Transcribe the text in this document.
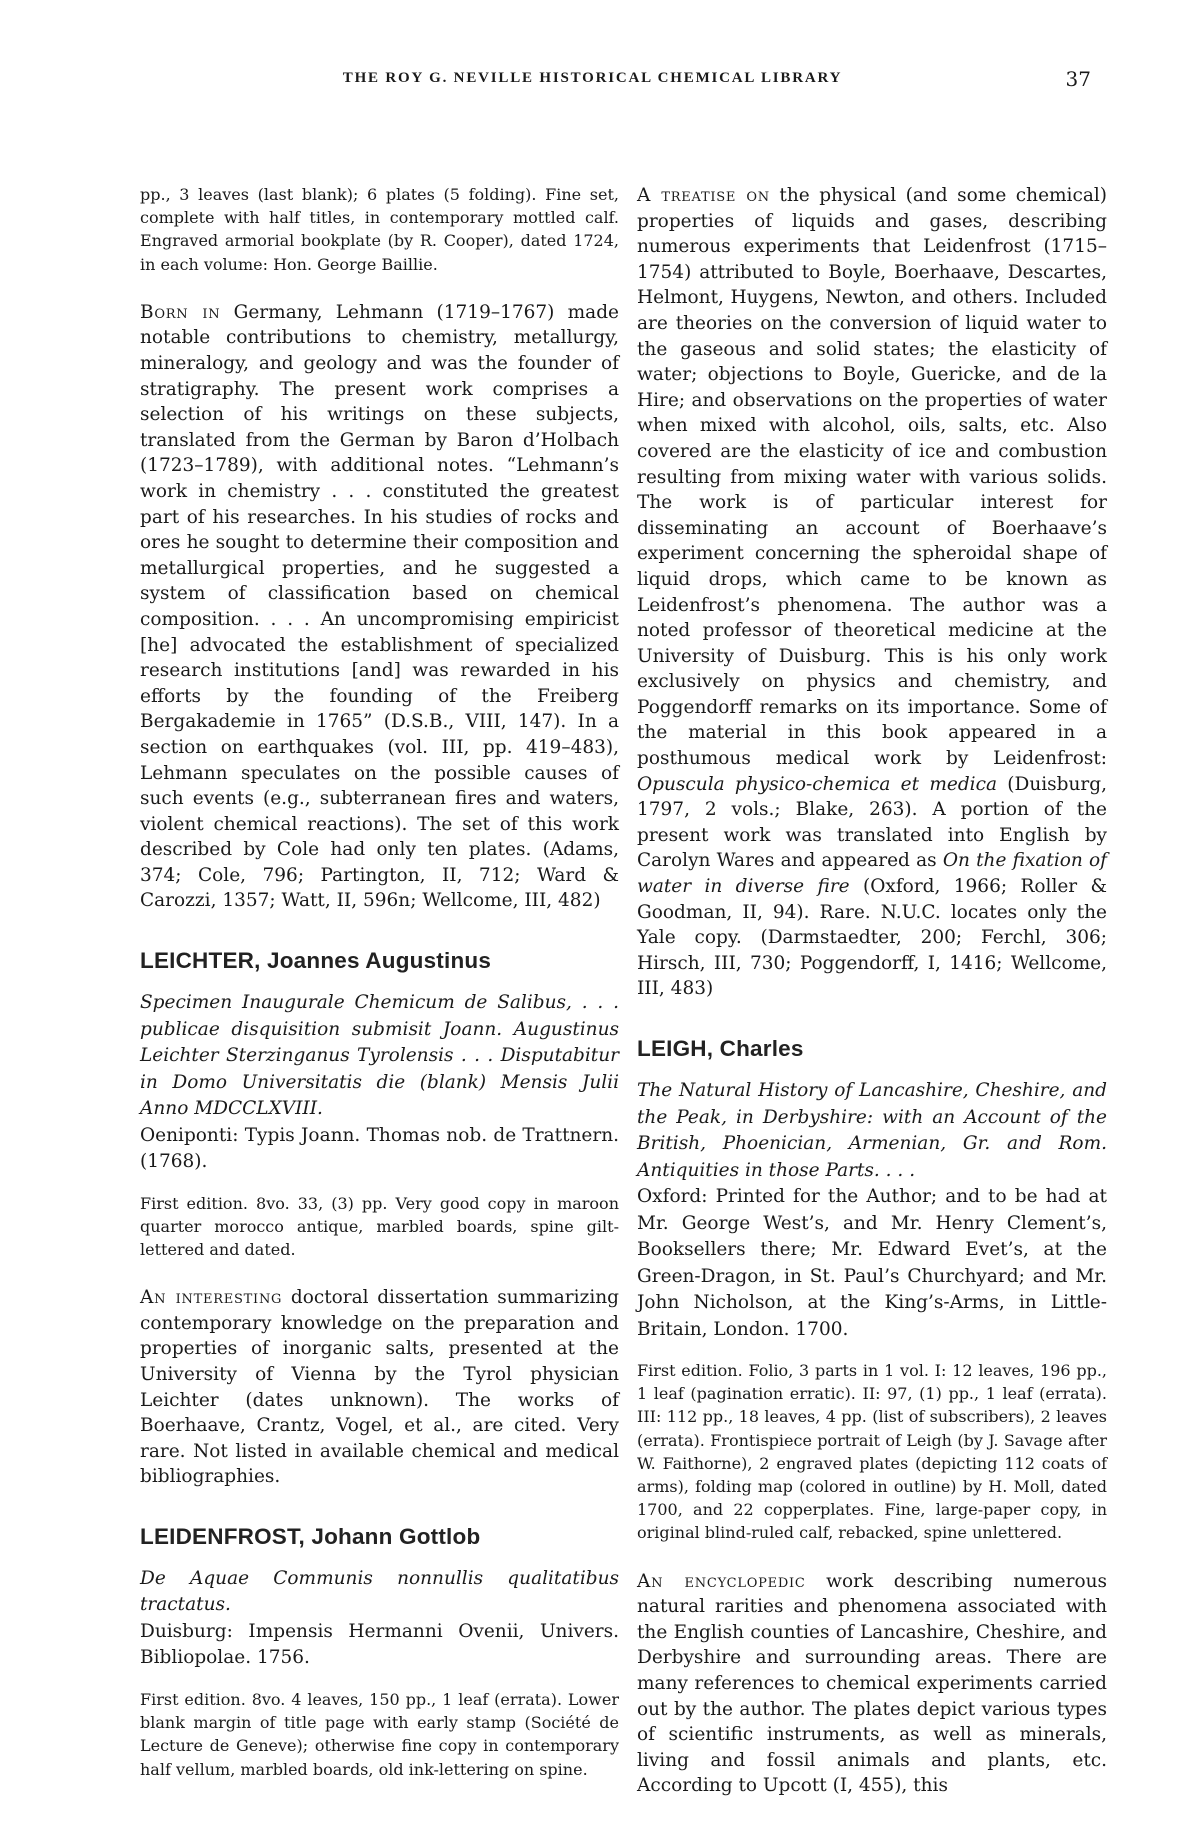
THE ROY G. NEVILLE HISTORICAL CHEMICAL LIBRARY	37

pp., 3 leaves (last blank); 6 plates (5 folding). Fine set, complete with half titles, in contemporary mottled calf. Engraved armorial bookplate (by R. Cooper), dated 1724, in each volume: Hon. George Baillie.

Born in Germany, Lehmann (1719–1767) made notable contributions to chemistry, metallurgy, mineralogy, and geology and was the founder of stratigraphy. The present work comprises a selection of his writings on these subjects, translated from the German by Baron d’Holbach (1723–1789), with additional notes. “Lehmann’s work in chemistry . . . constituted the greatest part of his researches. In his studies of rocks and ores he sought to determine their composition and metallurgical properties, and he suggested a system of classification based on chemical composition. . . . An uncompromising empiricist [he] advocated the establishment of specialized research institutions [and] was rewarded in his efforts by the founding of the Freiberg Bergakademie in 1765” (D.S.B., VIII, 147). In a section on earthquakes (vol. III, pp. 419–483), Lehmann speculates on the possible causes of such events (e.g., subterranean fires and waters, violent chemical reactions). The set of this work described by Cole had only ten plates. (Adams, 374; Cole, 796; Partington, II, 712; Ward & Carozzi, 1357; Watt, II, 596n; Wellcome, III, 482)

LEICHTER, Joannes Augustinus

Specimen Inaugurale Chemicum de Salibus, . . . publicae disquisition submisit Joann. Augustinus Leichter Sterzinganus Tyrolensis . . . Disputabitur in Domo Universitatis die (blank) Mensis Julii Anno MDCCLXVIII.
Oeniponti: Typis Joann. Thomas nob. de Trattnern. (1768).

First edition. 8vo. 33, (3) pp. Very good copy in maroon quarter morocco antique, marbled boards, spine gilt-lettered and dated.

An interesting doctoral dissertation summarizing contemporary knowledge on the preparation and properties of inorganic salts, presented at the University of Vienna by the Tyrol physician Leichter (dates unknown). The works of Boerhaave, Crantz, Vogel, et al., are cited. Very rare. Not listed in available chemical and medical bibliographies.

LEIDENFROST, Johann Gottlob

De Aquae Communis nonnullis qualitatibus tractatus.
Duisburg: Impensis Hermanni Ovenii, Univers. Bibliopolae. 1756.

First edition. 8vo. 4 leaves, 150 pp., 1 leaf (errata). Lower blank margin of title page with early stamp (Société de Lecture de Geneve); otherwise fine copy in contemporary half vellum, marbled boards, old ink-lettering on spine.

A treatise on the physical (and some chemical) properties of liquids and gases, describing numerous experiments that Leidenfrost (1715–1754) attributed to Boyle, Boerhaave, Descartes, Helmont, Huygens, Newton, and others. Included are theories on the conversion of liquid water to the gaseous and solid states; the elasticity of water; objections to Boyle, Guericke, and de la Hire; and observations on the properties of water when mixed with alcohol, oils, salts, etc. Also covered are the elasticity of ice and combustion resulting from mixing water with various solids. The work is of particular interest for disseminating an account of Boerhaave’s experiment concerning the spheroidal shape of liquid drops, which came to be known as Leidenfrost’s phenomena. The author was a noted professor of theoretical medicine at the University of Duisburg. This is his only work exclusively on physics and chemistry, and Poggendorff remarks on its importance. Some of the material in this book appeared in a posthumous medical work by Leidenfrost: Opuscula physico-chemica et medica (Duisburg, 1797, 2 vols.; Blake, 263). A portion of the present work was translated into English by Carolyn Wares and appeared as On the fixation of water in diverse fire (Oxford, 1966; Roller & Goodman, II, 94). Rare. N.U.C. locates only the Yale copy. (Darmstaedter, 200; Ferchl, 306; Hirsch, III, 730; Poggendorff, I, 1416; Wellcome, III, 483)

LEIGH, Charles

The Natural History of Lancashire, Cheshire, and the Peak, in Derbyshire: with an Account of the British, Phoenician, Armenian, Gr. and Rom. Antiquities in those Parts. . . .
Oxford: Printed for the Author; and to be had at Mr. George West’s, and Mr. Henry Clement’s, Booksellers there; Mr. Edward Evet’s, at the Green-Dragon, in St. Paul’s Churchyard; and Mr. John Nicholson, at the King’s-Arms, in Little-Britain, London. 1700.

First edition. Folio, 3 parts in 1 vol. I: 12 leaves, 196 pp., 1 leaf (pagination erratic). II: 97, (1) pp., 1 leaf (errata). III: 112 pp., 18 leaves, 4 pp. (list of subscribers), 2 leaves (errata). Frontispiece portrait of Leigh (by J. Savage after W. Faithorne), 2 engraved plates (depicting 112 coats of arms), folding map (colored in outline) by H. Moll, dated 1700, and 22 copperplates. Fine, large-paper copy, in original blind-ruled calf, rebacked, spine unlettered.

An encyclopedic work describing numerous natural rarities and phenomena associated with the English counties of Lancashire, Cheshire, and Derbyshire and surrounding areas. There are many references to chemical experiments carried out by the author. The plates depict various types of scientific instruments, as well as minerals, living and fossil animals and plants, etc. According to Upcott (I, 455), this
